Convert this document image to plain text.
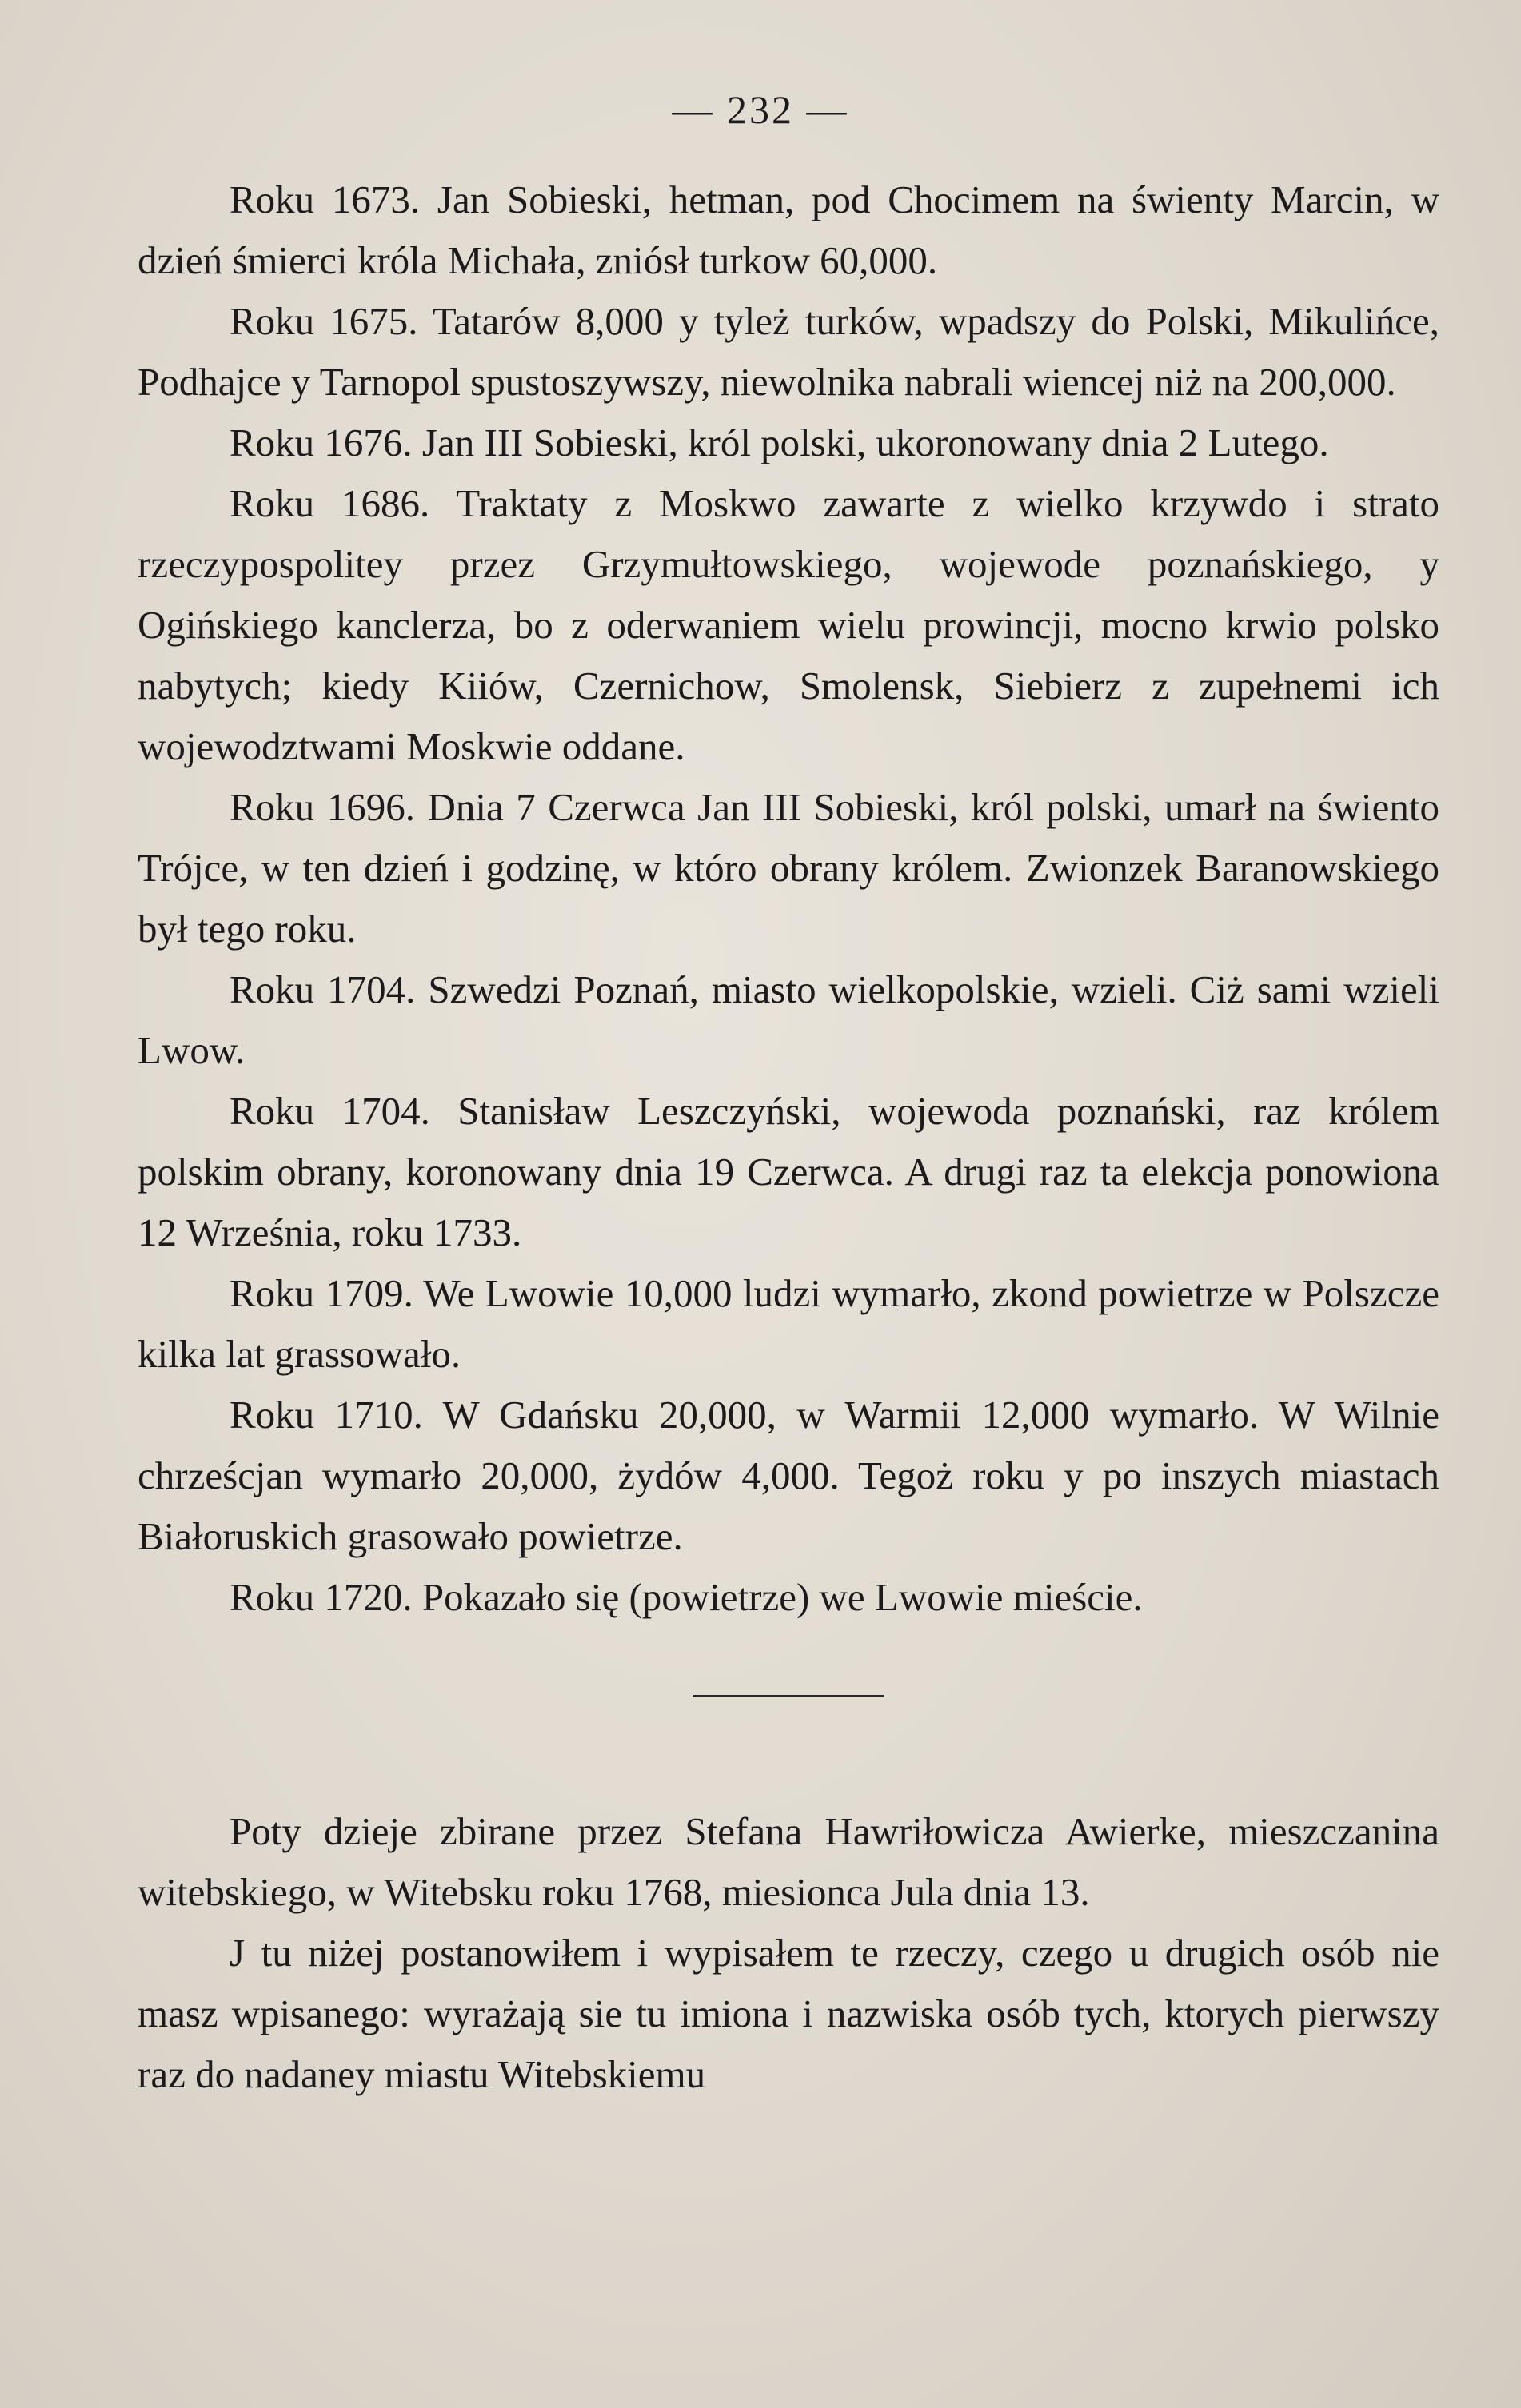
— 232 —

Roku 1673. Jan Sobieski, hetman, pod Chocimem na świenty Marcin, w dzień śmierci króla Michała, zniósł turkow 60,000.

Roku 1675. Tatarów 8,000 y tyleż turków, wpadszy do Polski, Mikulińce, Podhajce y Tarnopol spustoszywszy, niewolnika nabrali wiencej niż na 200,000.

Roku 1676. Jan III Sobieski, król polski, ukoronowany dnia 2 Lutego.

Roku 1686. Traktaty z Moskwo zawarte z wielko krzywdo i strato rzeczypospolitey przez Grzymułtowskiego, wojewode poznańskiego, y Ogińskiego kanclerza, bo z oderwaniem wielu prowincji, mocno krwio polsko nabytych; kiedy Kiiów, Czernichow, Smolensk, Siebierz z zupełnemi ich wojewodztwami Moskwie oddane.

Roku 1696. Dnia 7 Czerwca Jan III Sobieski, król polski, umarł na świento Trójce, w ten dzień i godzinę, w któro obrany królem. Zwionzek Baranowskiego był tego roku.

Roku 1704. Szwedzi Poznań, miasto wielkopolskie, wzieli. Ciż sami wzieli Lwow.

Roku 1704. Stanisław Leszczyński, wojewoda poznański, raz królem polskim obrany, koronowany dnia 19 Czerwca. A drugi raz ta elekcja ponowiona 12 Września, roku 1733.

Roku 1709. We Lwowie 10,000 ludzi wymarło, zkond powietrze w Polszcze kilka lat grassowało.

Roku 1710. W Gdańsku 20,000, w Warmii 12,000 wymarło. W Wilnie chrześcjan wymarło 20,000, żydów 4,000. Tegoż roku y po inszych miastach Białoruskich grasowało powietrze.

Roku 1720. Pokazało się (powietrze) we Lwowie mieście.

Poty dzieje zbirane przez Stefana Hawriłowicza Awierke, mieszczanina witebskiego, w Witebsku roku 1768, miesionca Jula dnia 13.

J tu niżej postanowiłem i wypisałem te rzeczy, czego u drugich osób nie masz wpisanego: wyrażają sie tu imiona i nazwiska osób tych, ktorych pierwszy raz do nadaney miastu Witebskiemu
